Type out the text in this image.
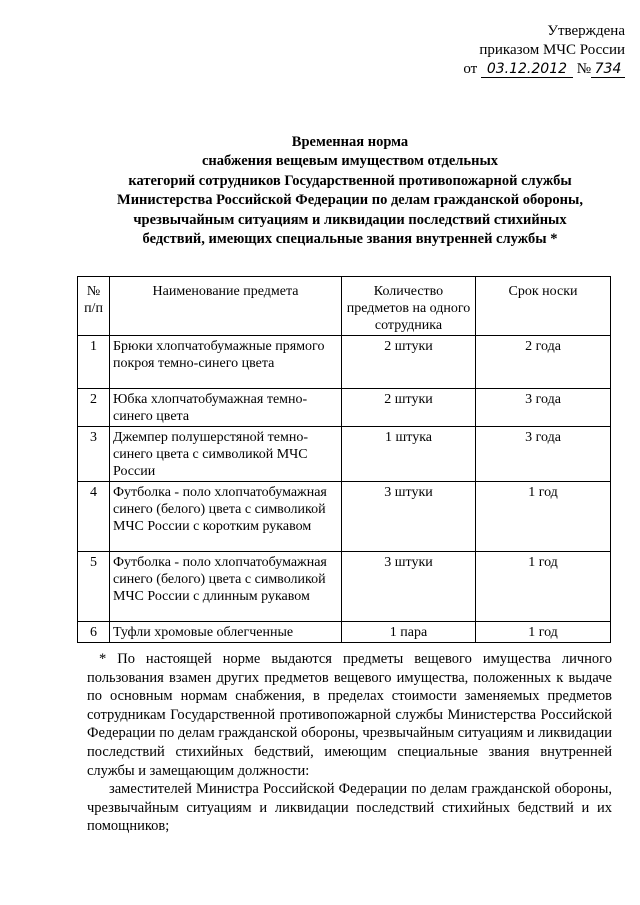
Утверждена
приказом МЧС России
от 03.12.2012 № 734
Временная норма
снабжения вещевым имуществом отдельных
категорий сотрудников Государственной противопожарной службы
Министерства Российской Федерации по делам гражданской обороны,
чрезвычайным ситуациям и ликвидации последствий стихийных
бедствий, имеющих специальные звания внутренней службы *
№ п/п	Наименование предмета	Количество предметов на одного сотрудника	Срок носки
1	Брюки хлопчатобумажные прямого покроя темно-синего цвета	2 штуки	2 года
2	Юбка хлопчатобумажная темно-синего цвета	2 штуки	3 года
3	Джемпер полушерстяной темно-синего цвета с символикой МЧС России	1 штука	3 года
4	Футболка - поло хлопчатобумажная синего (белого) цвета с символикой МЧС России с коротким рукавом	3 штуки	1 год
5	Футболка - поло хлопчатобумажная синего (белого) цвета с символикой МЧС России с длинным рукавом	3 штуки	1 год
6	Туфли хромовые облегченные	1 пара	1 год

* По настоящей норме выдаются предметы вещевого имущества личного пользования взамен других предметов вещевого имущества, положенных к выдаче по основным нормам снабжения, в пределах стоимости заменяемых предметов сотрудникам Государственной противопожарной службы Министерства Российской Федерации по делам гражданской обороны, чрезвычайным ситуациям и ликвидации последствий стихийных бедствий, имеющим специальные звания внутренней службы и замещающим должности:

заместителей Министра Российской Федерации по делам гражданской обороны, чрезвычайным ситуациям и ликвидации последствий стихийных бедствий и их помощников;
